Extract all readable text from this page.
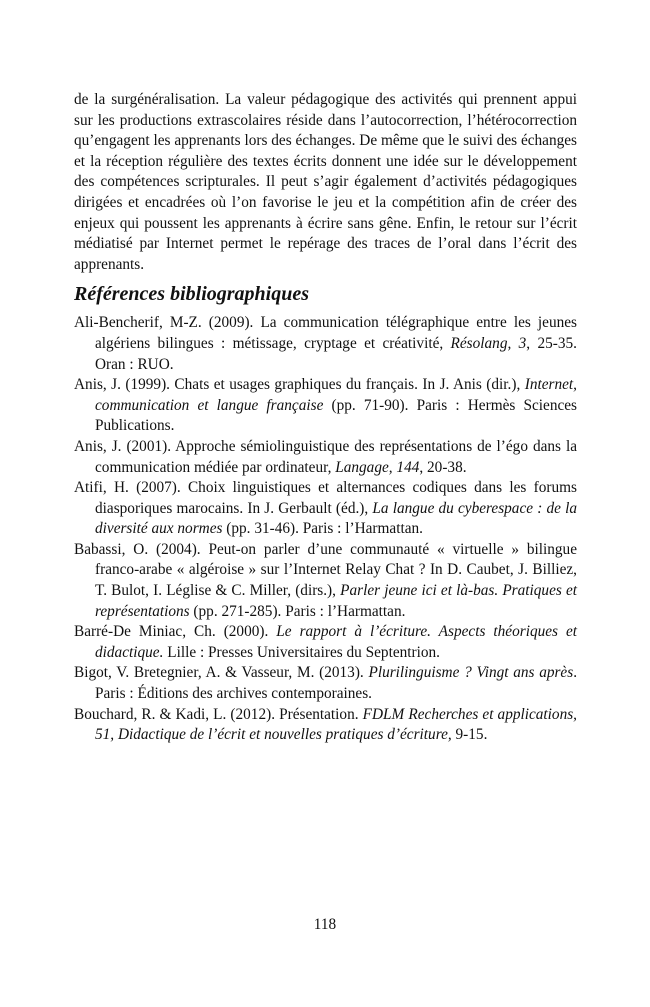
de la surgénéralisation. La valeur pédagogique des activités qui prennent appui sur les productions extrascolaires réside dans l’autocorrection, l’hétérocorrection qu’engagent les apprenants lors des échanges. De même que le suivi des échanges et la réception régulière des textes écrits donnent une idée sur le développement des compétences scripturales. Il peut s’agir également d’activités pédagogiques dirigées et encadrées où l’on favorise le jeu et la compétition afin de créer des enjeux qui poussent les apprenants à écrire sans gêne. Enfin, le retour sur l’écrit médiatisé par Internet permet le repérage des traces de l’oral dans l’écrit des apprenants.

Références bibliographiques

Ali-Bencherif, M-Z. (2009). La communication télégraphique entre les jeunes algériens bilingues : métissage, cryptage et créativité, Résolang, 3, 25-35. Oran : RUO.

Anis, J. (1999). Chats et usages graphiques du français. In J. Anis (dir.), Internet, communication et langue française (pp. 71-90). Paris : Hermès Sciences Publications.

Anis, J. (2001). Approche sémiolinguistique des représentations de l’égo dans la communication médiée par ordinateur, Langage, 144, 20-38.

Atifi, H. (2007). Choix linguistiques et alternances codiques dans les forums diasporiques marocains. In J. Gerbault (éd.), La langue du cyberespace : de la diversité aux normes (pp. 31-46). Paris : l’Harmattan.

Babassi, O. (2004). Peut-on parler d’une communauté « virtuelle » bilingue franco-arabe « algéroise » sur l’Internet Relay Chat ? In D. Caubet, J. Billiez, T. Bulot, I. Léglise & C. Miller, (dirs.), Parler jeune ici et là-bas. Pratiques et représentations (pp. 271-285). Paris : l’Harmattan.

Barré-De Miniac, Ch. (2000). Le rapport à l’écriture. Aspects théoriques et didactique. Lille : Presses Universitaires du Septentrion.

Bigot, V. Bretegnier, A. & Vasseur, M. (2013). Plurilinguisme ? Vingt ans après. Paris : Éditions des archives contemporaines.

Bouchard, R. & Kadi, L. (2012). Présentation. FDLM Recherches et applications, 51, Didactique de l’écrit et nouvelles pratiques d’écriture, 9-15.

118
